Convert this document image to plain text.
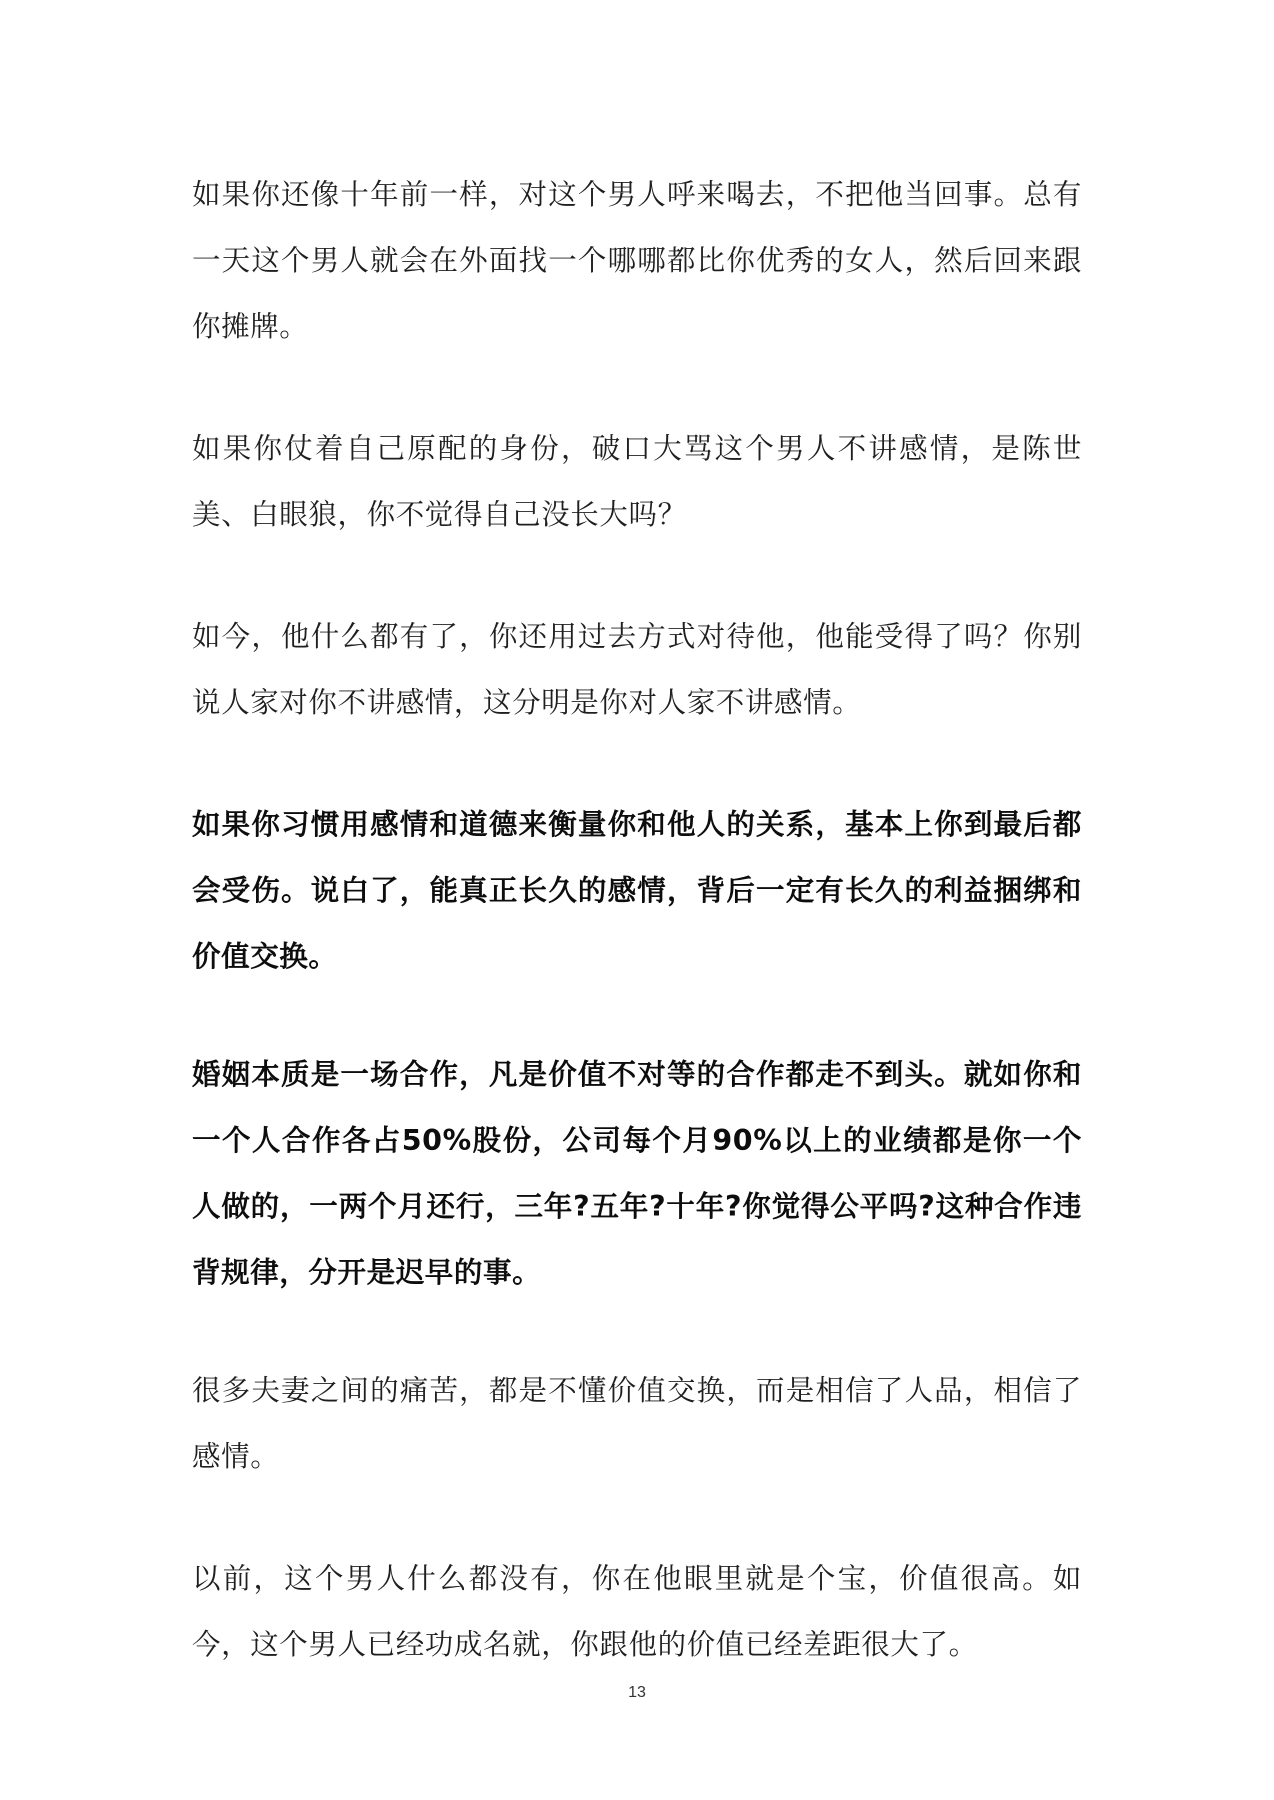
如果你还像十年前一样，对这个男人呼来喝去，不把他当回事。总有一天这个男人就会在外面找一个哪哪都比你优秀的女人，然后回来跟你摊牌。

如果你仗着自己原配的身份，破口大骂这个男人不讲感情，是陈世美、白眼狼，你不觉得自己没长大吗？

如今，他什么都有了，你还用过去方式对待他，他能受得了吗？你别说人家对你不讲感情，这分明是你对人家不讲感情。

如果你习惯用感情和道德来衡量你和他人的关系，基本上你到最后都会受伤。说白了，能真正长久的感情，背后一定有长久的利益捆绑和价值交换。

婚姻本质是一场合作，凡是价值不对等的合作都走不到头。就如你和一个人合作各占50%股份，公司每个月90%以上的业绩都是你一个人做的，一两个月还行，三年?五年?十年?你觉得公平吗?这种合作违背规律，分开是迟早的事。

很多夫妻之间的痛苦，都是不懂价值交换，而是相信了人品，相信了感情。

以前，这个男人什么都没有，你在他眼里就是个宝，价值很高。如今，这个男人已经功成名就，你跟他的价值已经差距很大了。

13
